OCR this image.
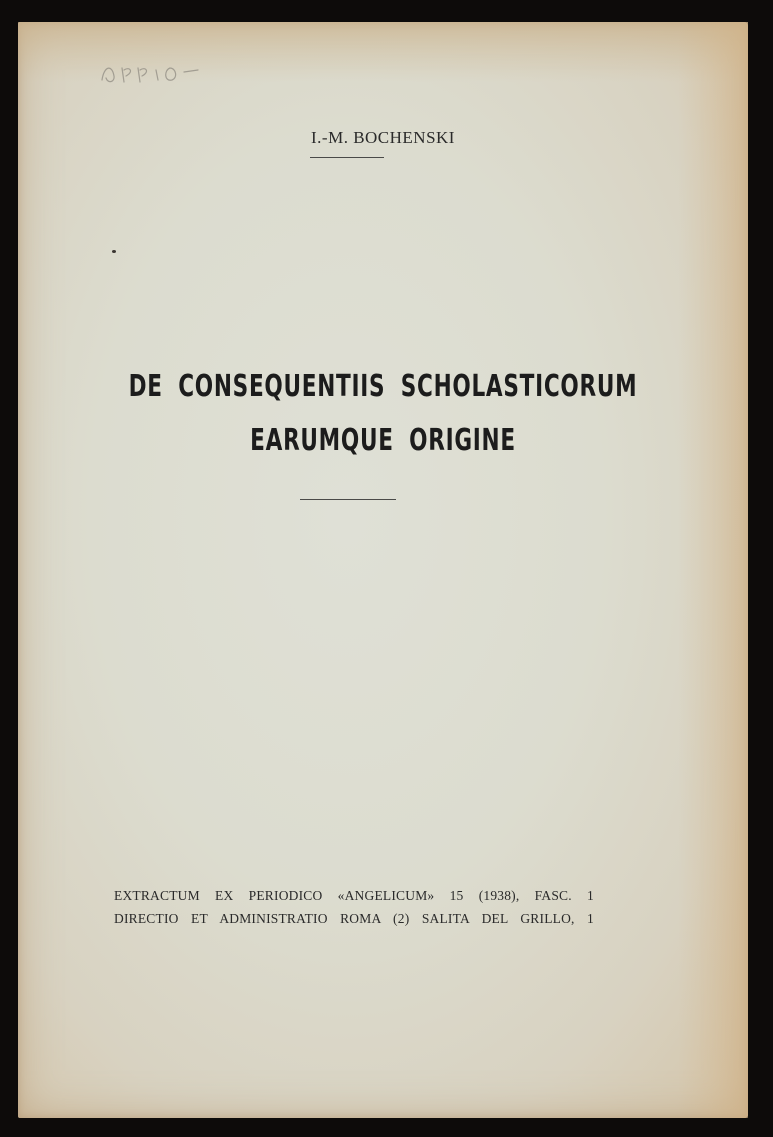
I.-M. BOCHENSKI
DE CONSEQUENTIIS SCHOLASTICORUM
EARUMQUE ORIGINE
EXTRACTUM EX PERIODICO «ANGELICUM» 15 (1938), FASC. 1
DIRECTIO ET ADMINISTRATIO ROMA (2) SALITA DEL GRILLO, 1
